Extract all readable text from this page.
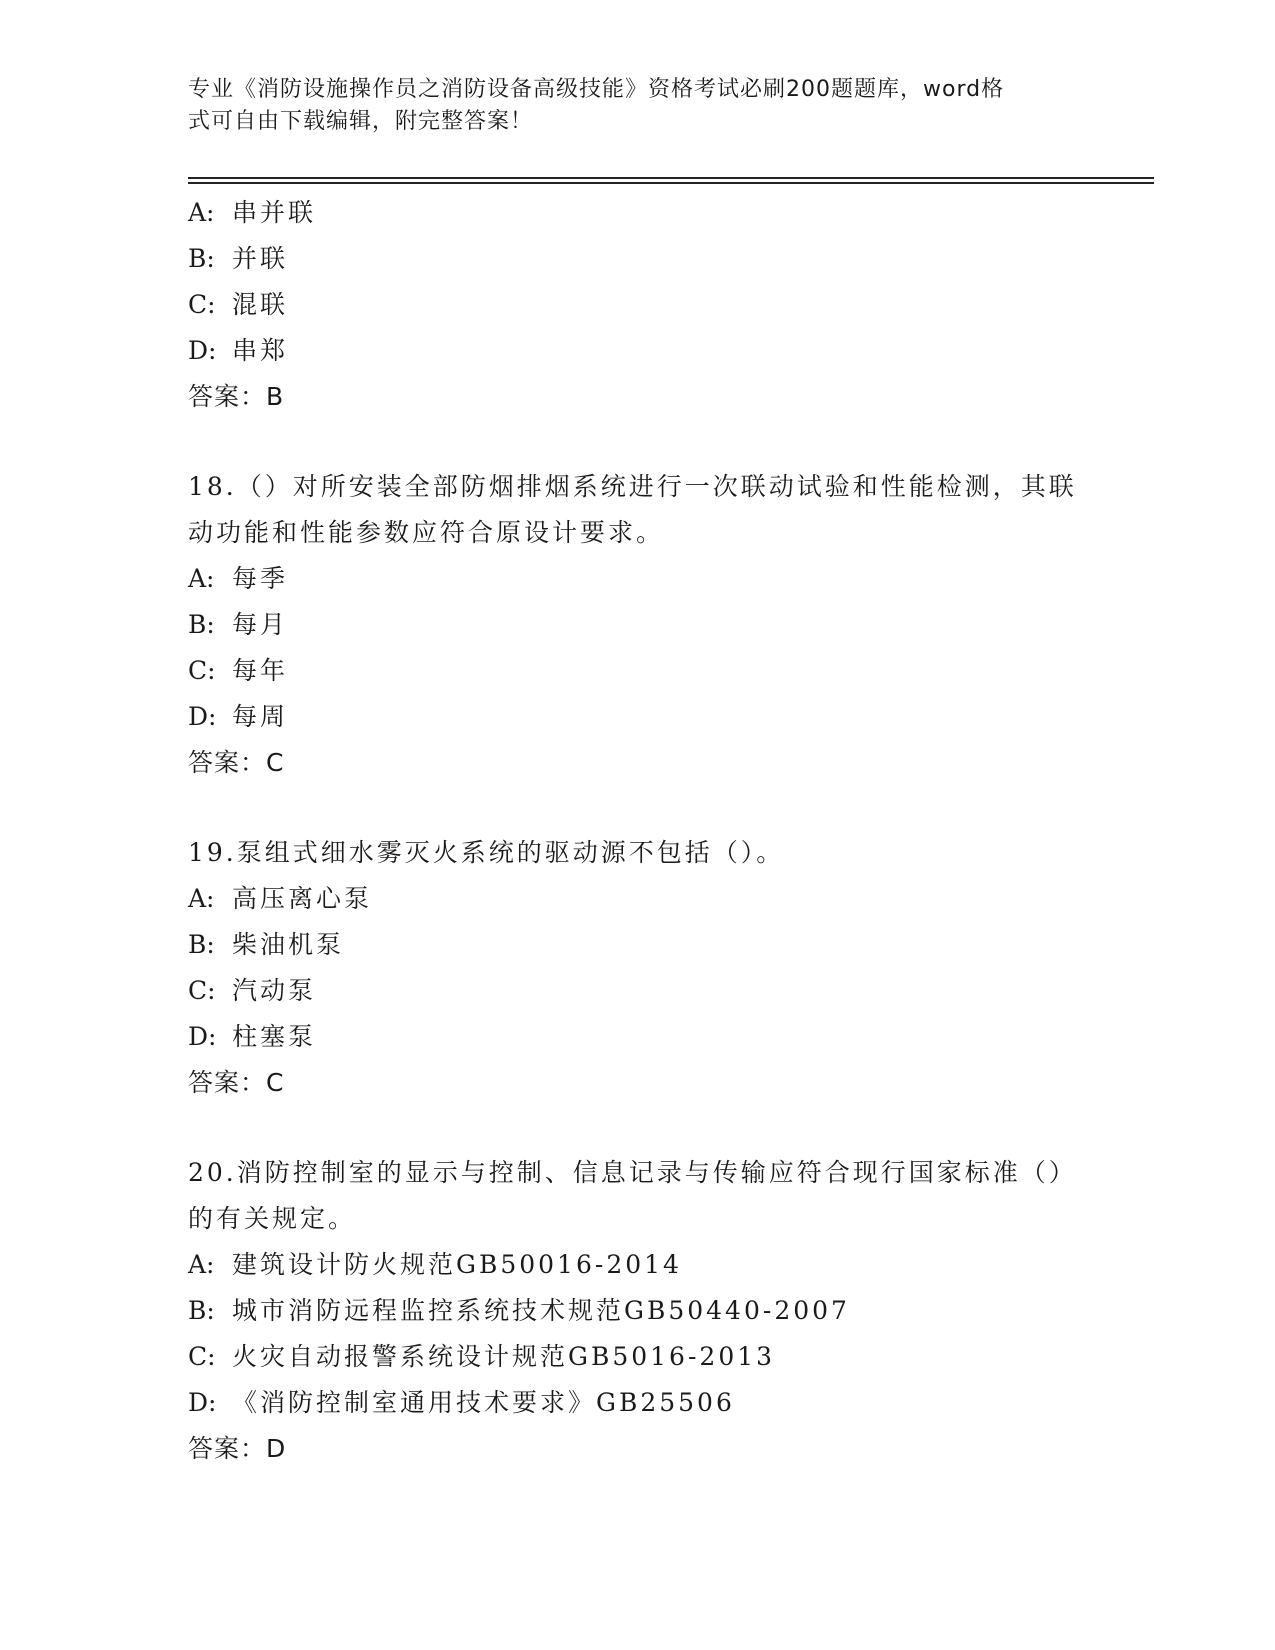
专业《消防设施操作员之消防设备高级技能》资格考试必刷200题题库，word格
式可自由下载编辑，附完整答案！
A: 串并联
B: 并联
C: 混联
D: 串郑
答案：B
18.（）对所安装全部防烟排烟系统进行一次联动试验和性能检测，其联动功能和性能参数应符合原设计要求。
A: 每季
B: 每月
C: 每年
D: 每周
答案：C
19.泵组式细水雾灭火系统的驱动源不包括（）。
A: 高压离心泵
B: 柴油机泵
C: 汽动泵
D: 柱塞泵
答案：C
20.消防控制室的显示与控制、信息记录与传输应符合现行国家标准（）的有关规定。
A: 建筑设计防火规范GB50016-2014
B: 城市消防远程监控系统技术规范GB50440-2007
C: 火灾自动报警系统设计规范GB5016-2013
D: 《消防控制室通用技术要求》GB25506
答案：D
